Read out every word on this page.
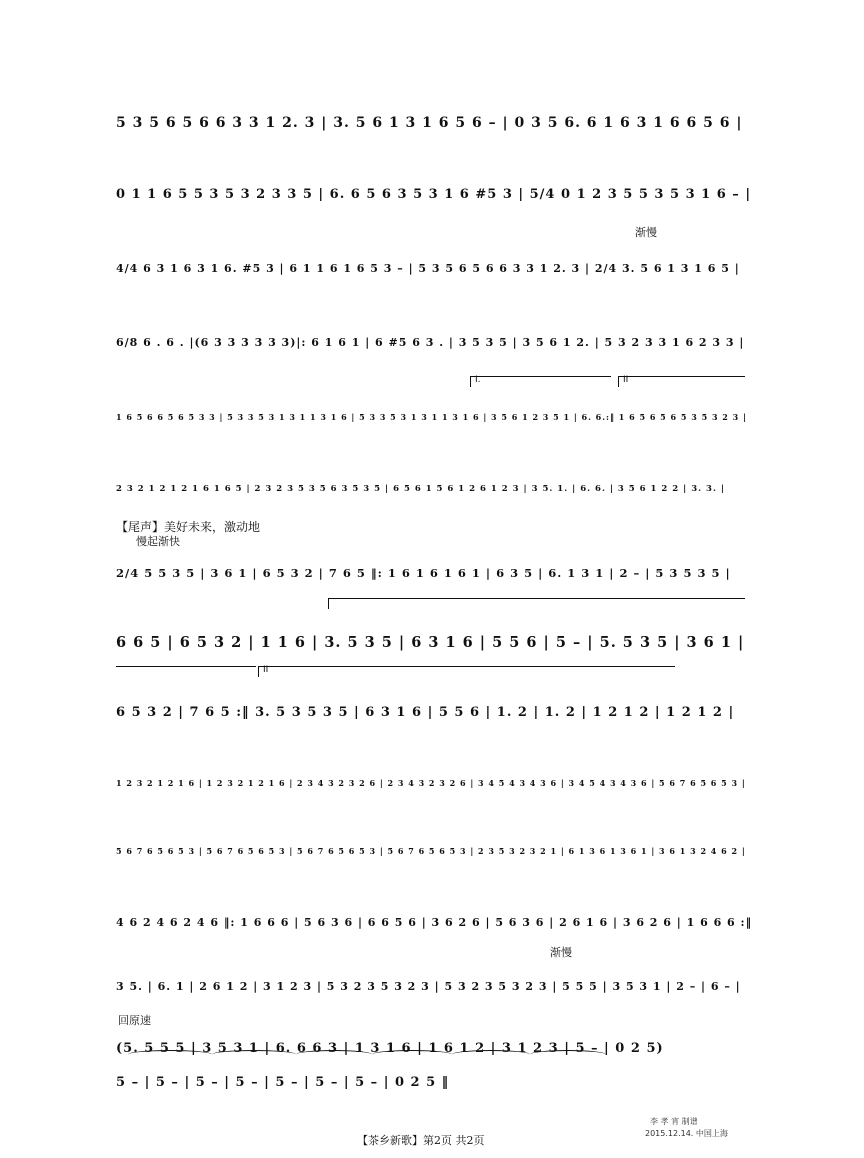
5 3 5 6 5 6 6 3 3 1 2. 3 | 3. 5 6 1 3 1 6 5 6 – | 0 3 5 6. 6 1 6 3 1 6 6 5 6 |
0 1 1 6 5 5 3 5 3 2 3 3 5 | 6. 6 5 6 3 5 3 1 6 #5 3 | 5/4 0 1 2 3 5 5 3 5 3 1 6 – |
渐慢
4/4 6 3 1 6 3 1 6. #5 3 | 6 1 1 6 1 6 5 3 – | 5 3 5 6 5 6 6 3 3 1 2. 3 | 2/4 3. 5 6 1 3 1 6 5 |
6/8 6 . 6 . |(6 3 3 3 3 3 3)|: 6 1 6 1 | 6 #5 6 3 . | 3 5 3 5 | 3 5 6 1 2. | 5 3 2 3 3 1 6 2 3 3 |
I.	II
1 6 5 6 6 5 6 5 3 3 | 5 3 3 5 3 1 3 1 1 3 1 6 | 5 3 3 5 3 1 3 1 1 3 1 6 | 3 5 6 1 2 3 5 1 | 6. 6.:‖ 1 6 5 6 5 6 5 3 5 3 2 3 |
2 3 2 1 2 1 2 1 6 1 6 5 | 2 3 2 3 5 3 5 6 3 5 3 5 | 6 5 6 1 5 6 1 2 6 1 2 3 | 3 5. 1. | 6. 6. | 3 5 6 1 2 2 | 3. 3. |
【尾声】美好未来，激动地
慢起渐快
2/4 5 5 3 5 | 3 6 1 | 6 5 3 2 | 7 6 5 ‖: 1 6 1 6 1 6 1 | 6 3 5 | 6. 1 3 1 | 2 – | 5 3 5 3 5 |
6 6 5 | 6 5 3 2 | 1 1 6 | 3. 5 3 5 | 6 3 1 6 | 5 5 6 | 5 – | 5. 5 3 5 | 3 6 1 |
II
6 5 3 2 | 7 6 5 :‖ 3. 5 3 5 3 5 | 6 3 1 6 | 5 5 6 | 1. 2 | 1. 2 | 1 2 1 2 | 1 2 1 2 |
1 2 3 2 1 2 1 6 | 1 2 3 2 1 2 1 6 | 2 3 4 3 2 3 2 6 | 2 3 4 3 2 3 2 6 | 3 4 5 4 3 4 3 6 | 3 4 5 4 3 4 3 6 | 5 6 7 6 5 6 5 3 |
5 6 7 6 5 6 5 3 | 5 6 7 6 5 6 5 3 | 5 6 7 6 5 6 5 3 | 5 6 7 6 5 6 5 3 | 2 3 5 3 2 3 2 1 | 6 1 3 6 1 3 6 1 | 3 6 1 3 2 4 6 2 |
4 6 2 4 6 2 4 6 ‖: 1 6 6 6 | 5 6 3 6 | 6 6 5 6 | 3 6 2 6 | 5 6 3 6 | 2 6 1 6 | 3 6 2 6 | 1 6 6 6 :‖
渐慢
3 5. | 6. 1 | 2 6 1 2 | 3 1 2 3 | 5 3 2 3 5 3 2 3 | 5 3 2 3 5 3 2 3 | 5 5 5 | 3 5 3 1 | 2 – | 6 – |
回原速
(5. 5 5 5 | 3 5 3 1 | 6. 6 6 3 | 1 3 1 6 | 1 6 1 2 | 3 1 2 3 | 5 – | 0 2 5)
5 – | 5 – | 5 – | 5 – | 5 – | 5 – | 5 – | 0 2 5 ‖
【茶乡新歌】第2页 共2页
李 孝 宵 制谱
2015.12.14. 中国上海
